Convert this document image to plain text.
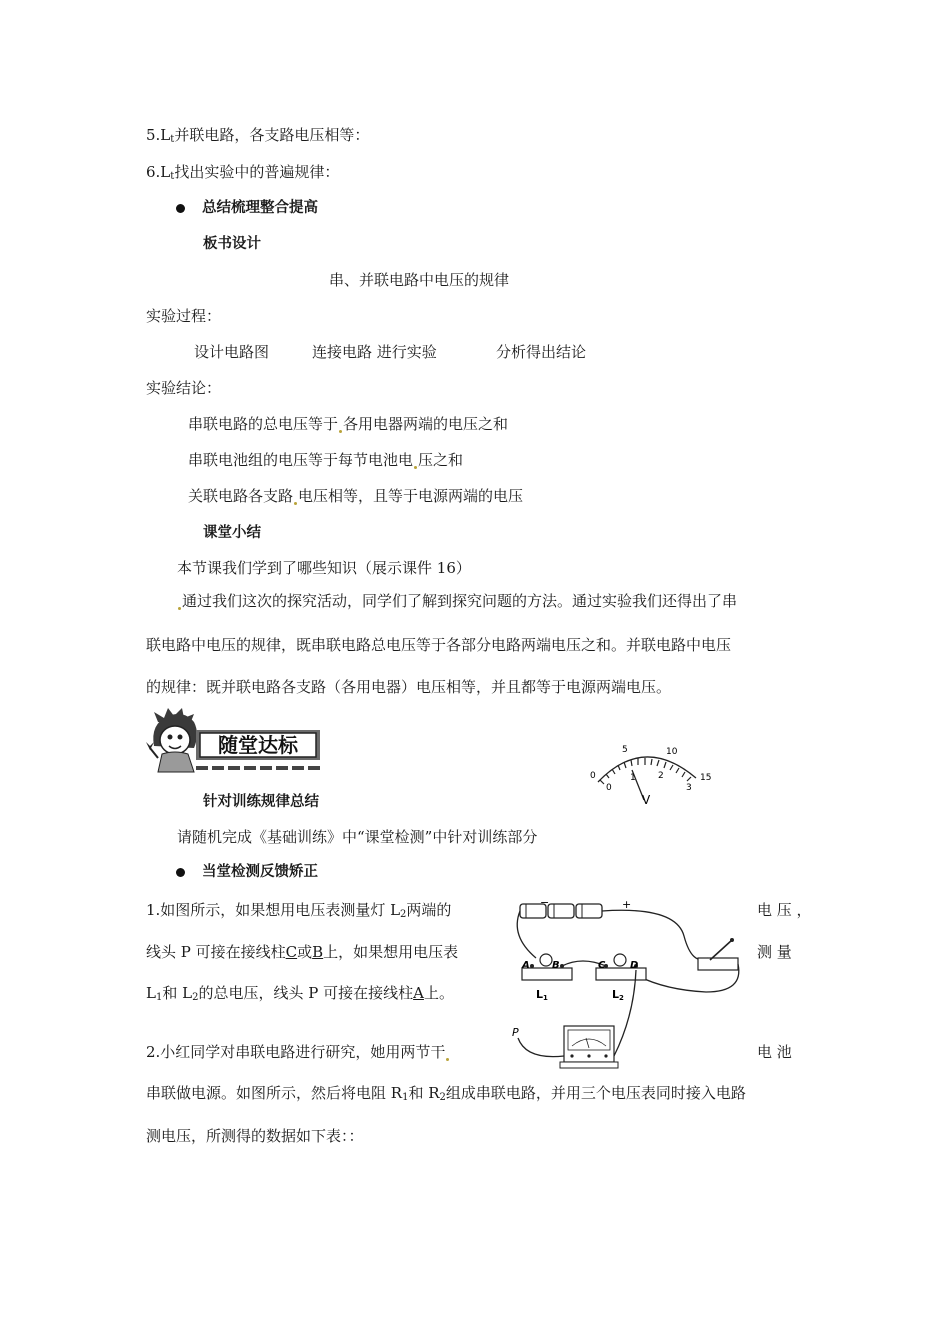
$5.L_t$并联电路，各支路电压相等：
$6.L_t$找出实验中的普遍规律：
总结梳理整合提高
板书设计
串、并联电路中电压的规律
实验过程：
设计电路图	连接电路 进行实验	分析得出结论
实验结论：
串联电路的总电压等于 各用电器两端的电压之和
串联电池组的电压等于每节电池电 压之和
关联电路各支路 电压相等，且等于电源两端的电压
课堂小结
本节课我们学到了哪些知识（展示课件 16）
通过我们这次的探究活动，同学们了解到探究问题的方法。通过实验我们还得出了串
联电路中电压的规律，既串联电路总电压等于各部分电路两端电压之和。并联电路中电压
的规律：既并联电路各支路（各用电器）电压相等，并且都等于电源两端电压。
随堂达标
0
5	10
15
0
1 2
3
V
针对训练规律总结
请随机完成《基础训练》中“课堂检测”中针对训练部分
当堂检测反馈矫正
1.如图所示，如果想用电压表测量灯 $L_2$两端的	电 压 ，
线头 P 可接在接线柱C或B上，如果想用电压表	测 量
$L_1$和 $L_2$的总电压，线头 P 可接在接线柱A上。
−	+
A B	C D
L1	L2
P
2.小红同学对串联电路进行研究，她用两节干	电 池
串联做电源。如图所示，然后将电阻 $R_1$和 $R_2$组成串联电路，并用三个电压表同时接入电路
测电压，所测得的数据如下表：：
